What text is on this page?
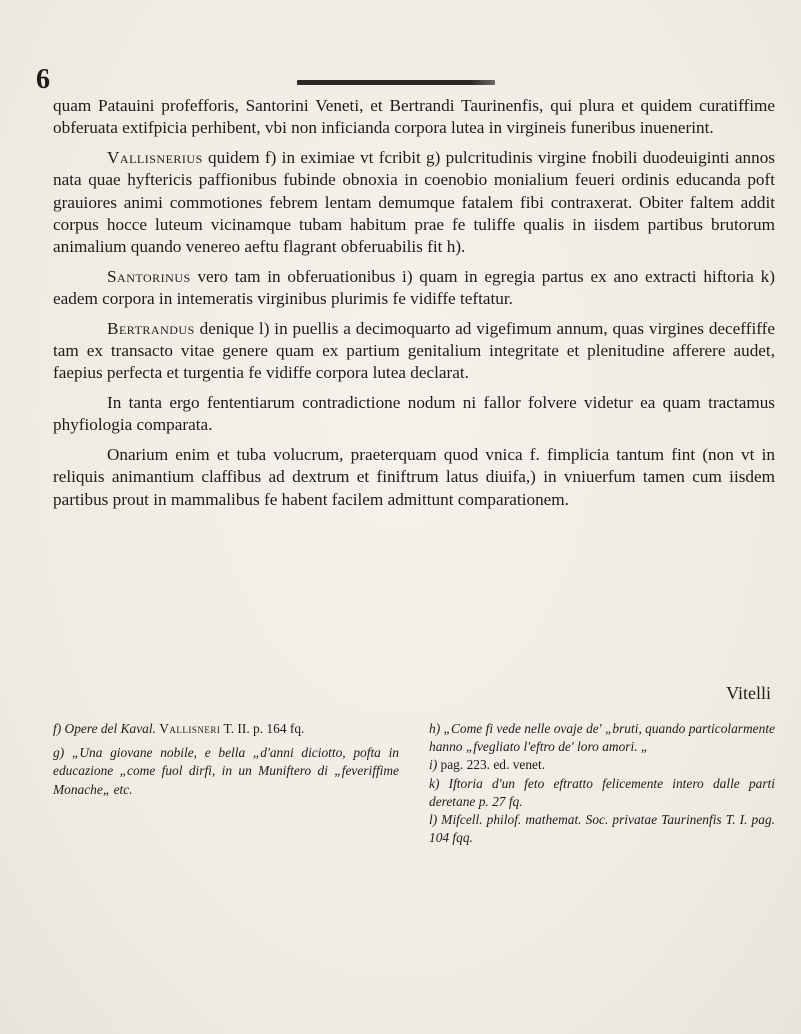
6

quam Patauini profefforis, Santorini Veneti, et Bertrandi Taurinenfis, qui plura et quidem curatiffime obferuata extifpicia perhibent, vbi non inficianda corpora lutea in virgineis funeribus inuenerint.

Vallisnerius quidem f) in eximiae vt fcribit g) pulcritudinis virgine fnobili duodeuiginti annos nata quae hyftericis paffionibus fubinde obnoxia in coenobio monialium feueri ordinis educanda poft grauiores animi commotiones febrem lentam demumque fatalem fibi contraxerat. Obiter faltem addit corpus hocce luteum vicinamque tubam habitum prae fe tuliffe qualis in iisdem partibus brutorum animalium quando venereo aeftu flagrant obferuabilis fit h).

Santorinus vero tam in obferuationibus i) quam in egregia partus ex ano extracti hiftoria k) eadem corpora in intemeratis virginibus plurimis fe vidiffe teftatur.

Bertrandus denique l) in puellis a decimoquarto ad vigefimum annum, quas virgines deceffiffe tam ex transacto vitae genere quam ex partium genitalium integritate et plenitudine afferere audet, faepius perfecta et turgentia fe vidiffe corpora lutea declarat.

In tanta ergo fententiarum contradictione nodum ni fallor folvere videtur ea quam tractamus phyfiologia comparata.

Onarium enim et tuba volucrum, praeterquam quod vnica f. fimplicia tantum fint (non vt in reliquis animantium claffibus ad dextrum et finiftrum latus diuifa,) in vniuerfum tamen cum iisdem partibus prout in mammalibus fe habent facilem admittunt comparationem.

Vitelli

f) Opere del Kaval. Vallisneri T. II. p. 164 fq.

g) „Una giovane nobile, e bella „d'anni diciotto, pofta in educazione „come fuol dirfi, in un Muniftero di „feveriffime Monache„ etc.

h) „Come fi vede nelle ovaje de' „bruti, quando particolarmente hanno „fvegliato l'eftro de' loro amori. „

i) pag. 223. ed. venet.

k) Iftoria d'un feto eftratto felicemente intero dalle parti deretane p. 27 fq.

l) Mifcell. philof. mathemat. Soc. privatae Taurinenfis T. I. pag. 104 fqq.
